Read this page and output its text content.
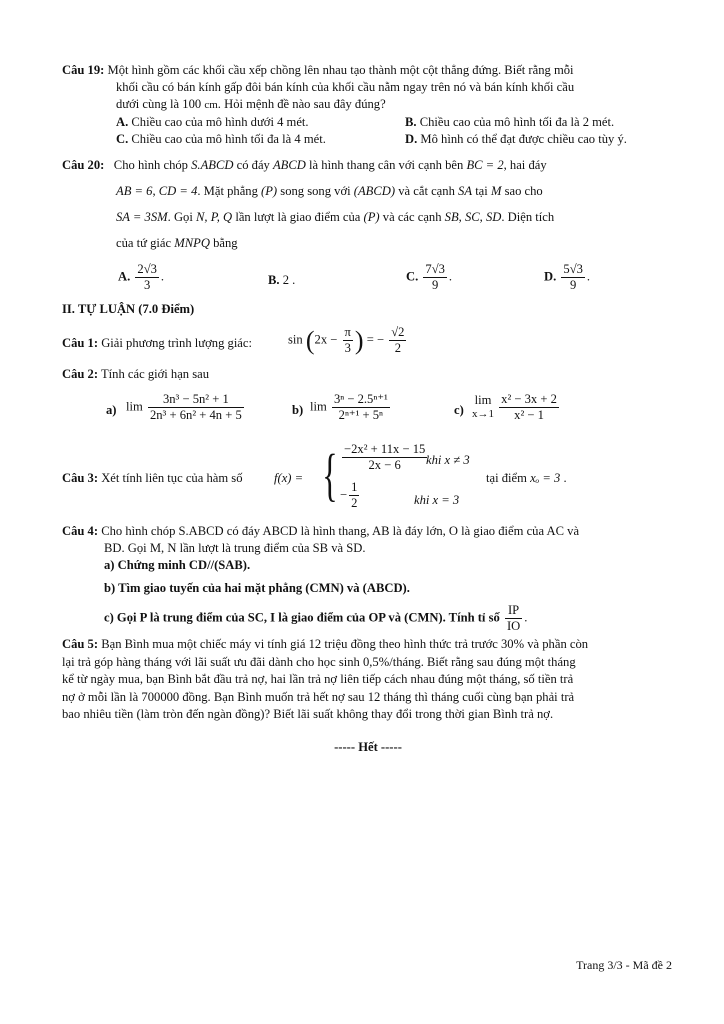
Câu 19: Một hình gồm các khối cầu xếp chồng lên nhau tạo thành một cột thẳng đứng. Biết rằng mỗi
khối cầu có bán kính gấp đôi bán kính của khối cầu nằm ngay trên nó và bán kính khối cầu
dưới cùng là 100 cm. Hỏi mệnh đề nào sau đây đúng?
A. Chiều cao của mô hình dưới 4 mét.	B. Chiều cao của mô hình tối đa là 2 mét.
C. Chiều cao của mô hình tối đa là 4 mét.	D. Mô hình có thể đạt được chiều cao tùy ý.
Câu 20: Cho hình chóp S.ABCD có đáy ABCD là hình thang cân với cạnh bên BC = 2, hai đáy
AB = 6, CD = 4. Mặt phẳng (P) song song với (ABCD) và cắt cạnh SA tại M sao cho
SA = 3SM. Gọi N, P, Q lần lượt là giao điểm của (P) và các cạnh SB, SC, SD. Diện tích
của tứ giác MNPQ bằng
A. $\frac{2√3}{3}$ .	B. 2 .	C. $\frac{7√3}{9}$ .	D. $\frac{5√3}{9}$ .
II. TỰ LUẬN (7.0 Điểm)
Câu 1: Giải phương trình lượng giác:	$\sin (2x - \frac{\pi}{3}$ ) = − $\frac{√2}{2}$
Câu 2: Tính các giới hạn sau
a) $\lim \frac{\text{3n³ − 5n² + 1}}{\text{2n³ + 6n² + 4n + 5}}$	b) $\lim \frac{\text{3ⁿ − 2.5ⁿ⁺¹}}{\text{2ⁿ⁺¹ + 5ⁿ}}$	c)
lim
$x\to 1 \frac{\text{x² − 3x + 2}}{\text{x² − 1}}$
Câu 3: Xét tính liên tục của hàm số	f(x) = { $\frac{\text{−2x² + 11x − 15}}{2x - 6}$
khi x ≠ 3
− $\frac{1}{2}$	khi x = 3
tại điểm xₒ = 3 .
Câu 4: Cho hình chóp S.ABCD có đáy ABCD là hình thang, AB là đáy lớn, O là giao điểm của AC và
BD. Gọi M, N lần lượt là trung điểm của SB và SD.
a) Chứng minh CD//(SAB).
b) Tìm giao tuyến của hai mặt phẳng (CMN) và (ABCD).
c) Gọi P là trung điểm của SC, I là giao điểm của OP và (CMN). Tính tỉ số $\frac{IP}{IO}$ .
Câu 5: Bạn Bình mua một chiếc máy vi tính giá 12 triệu đồng theo hình thức trả trước 30% và phần còn
lại trả góp hàng tháng với lãi suất ưu đãi dành cho học sinh 0,5%/tháng. Biết rằng sau đúng một tháng
kể từ ngày mua, bạn Bình bắt đầu trả nợ, hai lần trả nợ liên tiếp cách nhau đúng một tháng, số tiền trả
nợ ở mỗi lần là 700000 đồng. Bạn Bình muốn trả hết nợ sau 12 tháng thì tháng cuối cùng bạn phải trả
bao nhiêu tiền (làm tròn đến ngàn đồng)? Biết lãi suất không thay đổi trong thời gian Bình trả nợ.
----- Hết -----
Trang 3/3 - Mã đề 2
